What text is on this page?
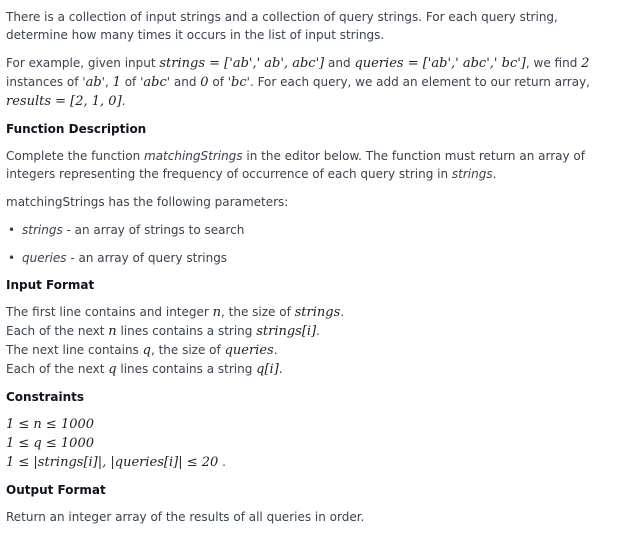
There is a collection of input strings and a collection of query strings. For each query string, determine how many times it occurs in the list of input strings.

For example, given input strings = ['ab',' ab', abc'] and queries = ['ab',' abc',' bc'], we find 2 instances of 'ab', 1 of 'abc' and 0 of 'bc'. For each query, we add an element to our return array, results = [2, 1, 0].

Function Description

Complete the function matchingStrings in the editor below. The function must return an array of integers representing the frequency of occurrence of each query string in strings.

matchingStrings has the following parameters:

• strings - an array of strings to search
• queries - an array of query strings
Input Format

The first line contains and integer n, the size of strings.

Each of the next n lines contains a string strings[i].

The next line contains q, the size of queries.

Each of the next q lines contains a string q[i].

Constraints

1 ≤ n ≤ 1000

1 ≤ q ≤ 1000

1 ≤ |strings[i]|, |queries[i]| ≤ 20 .

Output Format

Return an integer array of the results of all queries in order.
